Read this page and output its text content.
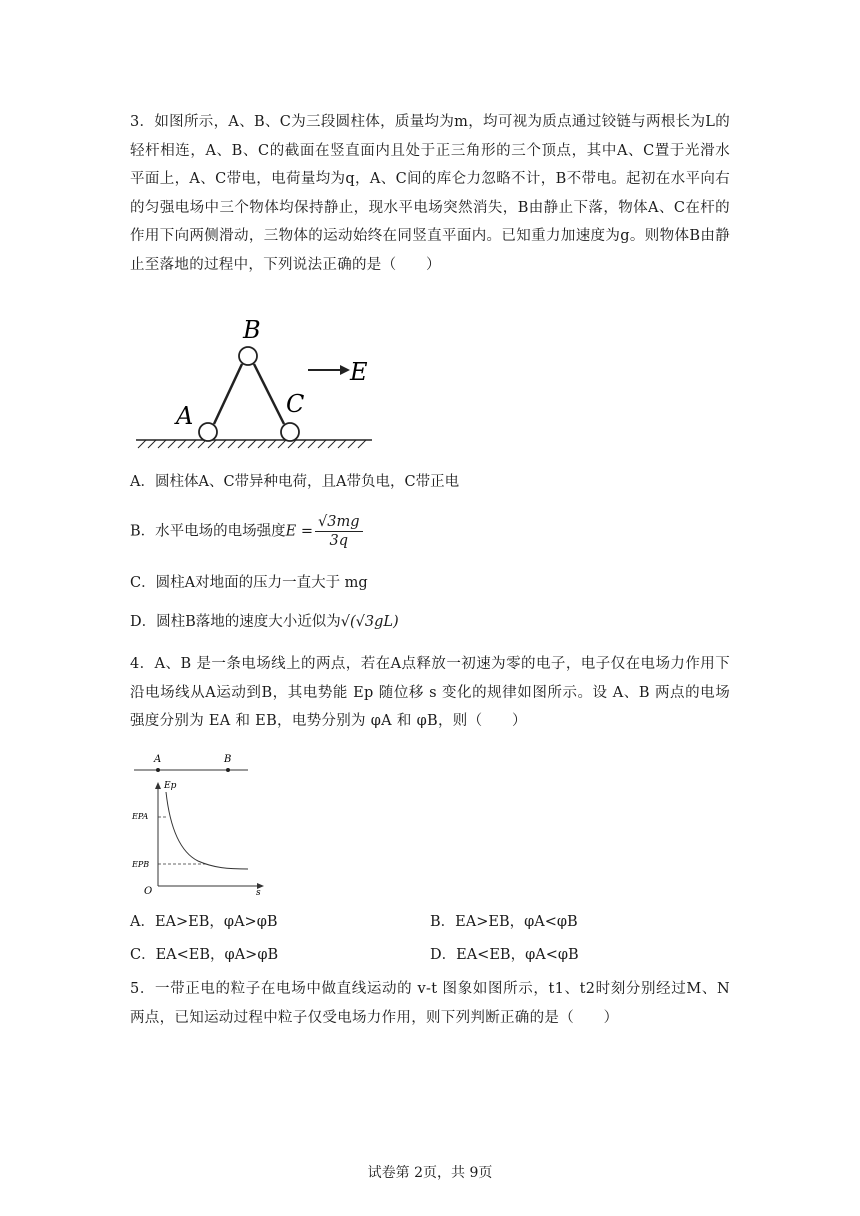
3．如图所示，A、B、C为三段圆柱体，质量均为m，均可视为质点通过铰链与两根长为L的轻杆相连，A、B、C的截面在竖直面内且处于正三角形的三个顶点，其中A、C置于光滑水平面上，A、C带电，电荷量均为q，A、C间的库仑力忽略不计，B不带电。起初在水平向右的匀强电场中三个物体均保持静止，现水平电场突然消失，B由静止下落，物体A、C在杆的作用下向两侧滑动，三物体的运动始终在同竖直平面内。已知重力加速度为g。则物体B由静止至落地的过程中，下列说法正确的是（　　）
A
B
C
E
A．圆柱体A、C带异种电荷，且A带负电，C带正电
B．水平电场的电场强度$E = \frac{√3mg}{3q}$
C．圆柱A对地面的压力一直大于 mg
D．圆柱B落地的速度大小近似为√(√3gL)
4．A、B 是一条电场线上的两点，若在A点释放一初速为零的电子，电子仅在电场力作用下沿电场线从A运动到B，其电势能 Ep 随位移 s 变化的规律如图所示。设 A、B 两点的电场强度分别为 EA 和 EB，电势分别为 φA 和 φB，则（　　）
A	B
Ep
s
O
EPA
EPB
A．EA>EB，φA>φB	B．EA>EB，φA<φB
C．EA<EB，φA>φB	D．EA<EB，φA<φB
5．一带正电的粒子在电场中做直线运动的 v-t 图象如图所示，t1、t2时刻分别经过M、N两点，已知运动过程中粒子仅受电场力作用，则下列判断正确的是（　　）
试卷第 2页，共 9页
